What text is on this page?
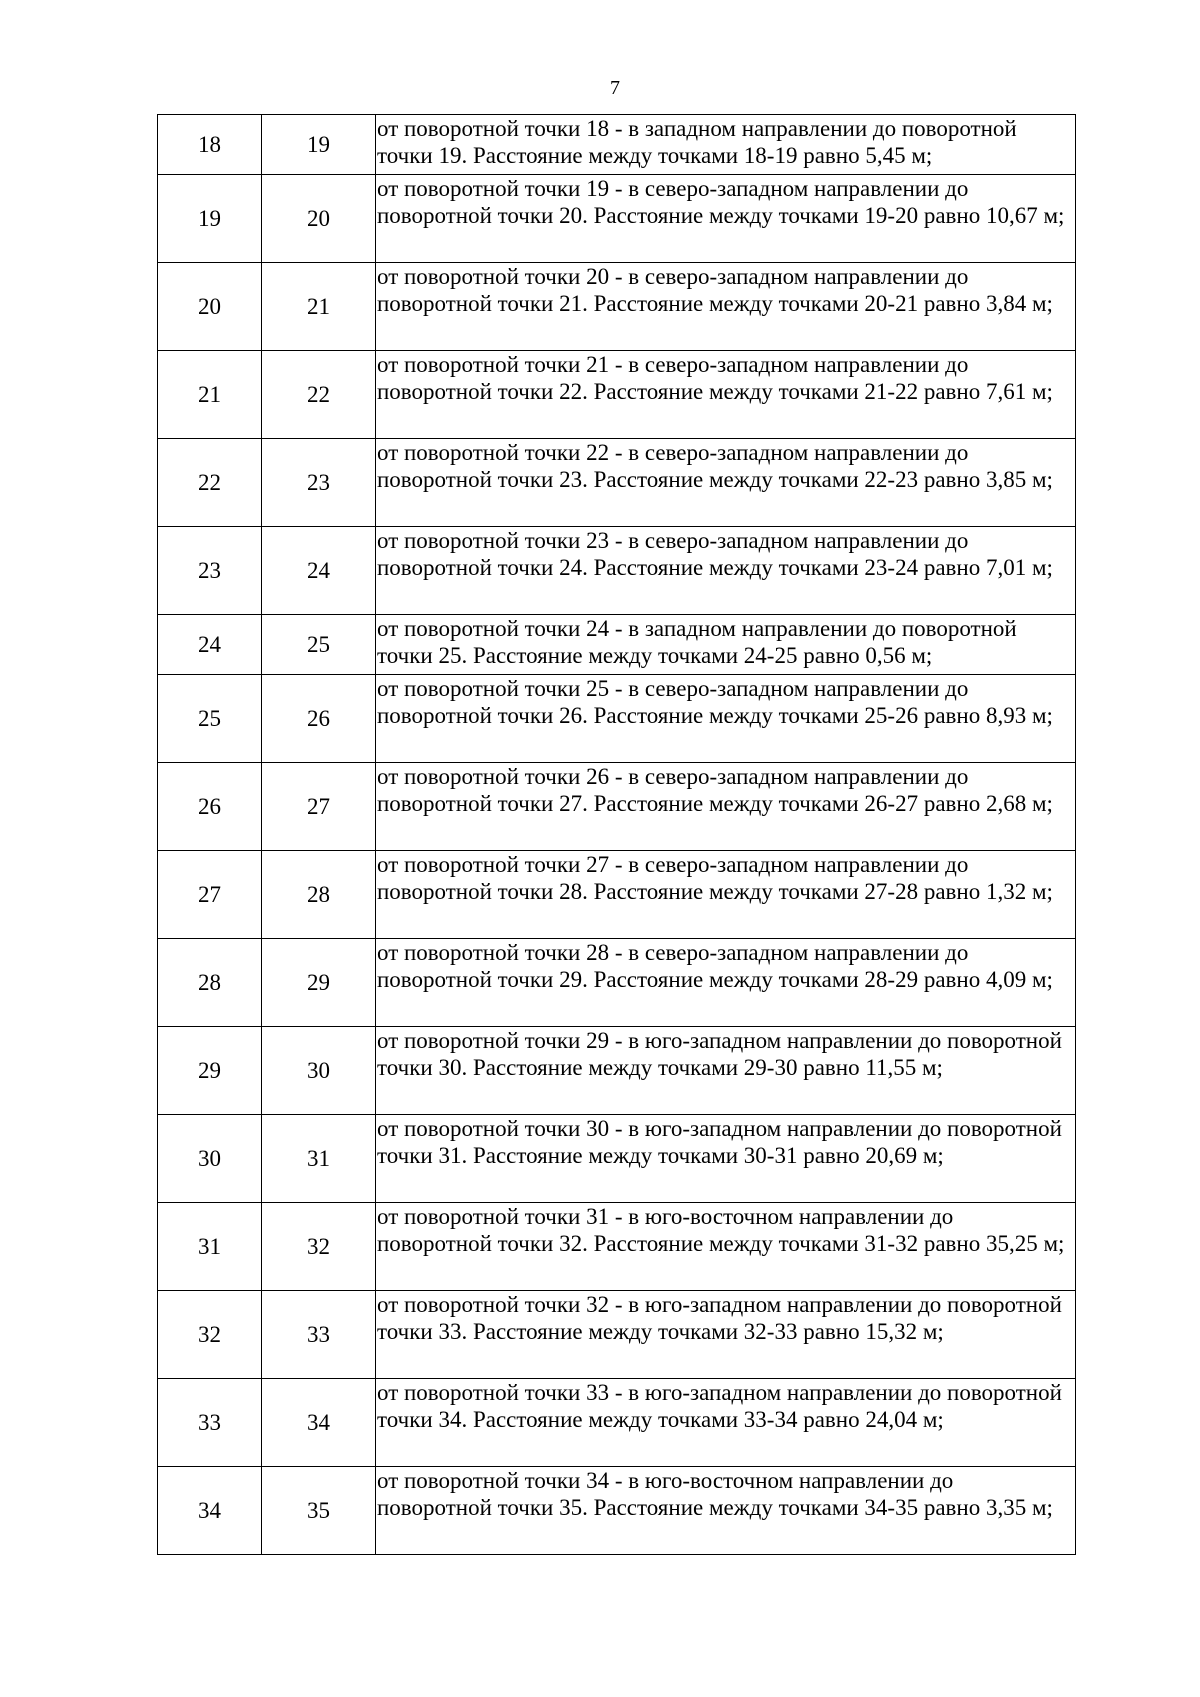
7
18	19	от поворотной точки 18 - в западном направлении до поворотной точки 19. Расстояние между точками 18-19 равно 5,45 м;
19	20	от поворотной точки 19 - в северо-западном направлении до поворотной точки 20. Расстояние между точками 19-20 равно 10,67 м;
20	21	от поворотной точки 20 - в северо-западном направлении до поворотной точки 21. Расстояние между точками 20-21 равно 3,84 м;
21	22	от поворотной точки 21 - в северо-западном направлении до поворотной точки 22. Расстояние между точками 21-22 равно 7,61 м;
22	23	от поворотной точки 22 - в северо-западном направлении до поворотной точки 23. Расстояние между точками 22-23 равно 3,85 м;
23	24	от поворотной точки 23 - в северо-западном направлении до поворотной точки 24. Расстояние между точками 23-24 равно 7,01 м;
24	25	от поворотной точки 24 - в западном направлении до поворотной точки 25. Расстояние между точками 24-25 равно 0,56 м;
25	26	от поворотной точки 25 - в северо-западном направлении до поворотной точки 26. Расстояние между точками 25-26 равно 8,93 м;
26	27	от поворотной точки 26 - в северо-западном направлении до поворотной точки 27. Расстояние между точками 26-27 равно 2,68 м;
27	28	от поворотной точки 27 - в северо-западном направлении до поворотной точки 28. Расстояние между точками 27-28 равно 1,32 м;
28	29	от поворотной точки 28 - в северо-западном направлении до поворотной точки 29. Расстояние между точками 28-29 равно 4,09 м;
29	30	от поворотной точки 29 - в юго-западном направлении до поворотной точки 30. Расстояние между точками 29-30 равно 11,55 м;
30	31	от поворотной точки 30 - в юго-западном направлении до поворотной точки 31. Расстояние между точками 30-31 равно 20,69 м;
31	32	от поворотной точки 31 - в юго-восточном направлении до поворотной точки 32. Расстояние между точками 31-32 равно 35,25 м;
32	33	от поворотной точки 32 - в юго-западном направлении до поворотной точки 33. Расстояние между точками 32-33 равно 15,32 м;
33	34	от поворотной точки 33 - в юго-западном направлении до поворотной точки 34. Расстояние между точками 33-34 равно 24,04 м;
34	35	от поворотной точки 34 - в юго-восточном направлении до поворотной точки 35. Расстояние между точками 34-35 равно 3,35 м;
